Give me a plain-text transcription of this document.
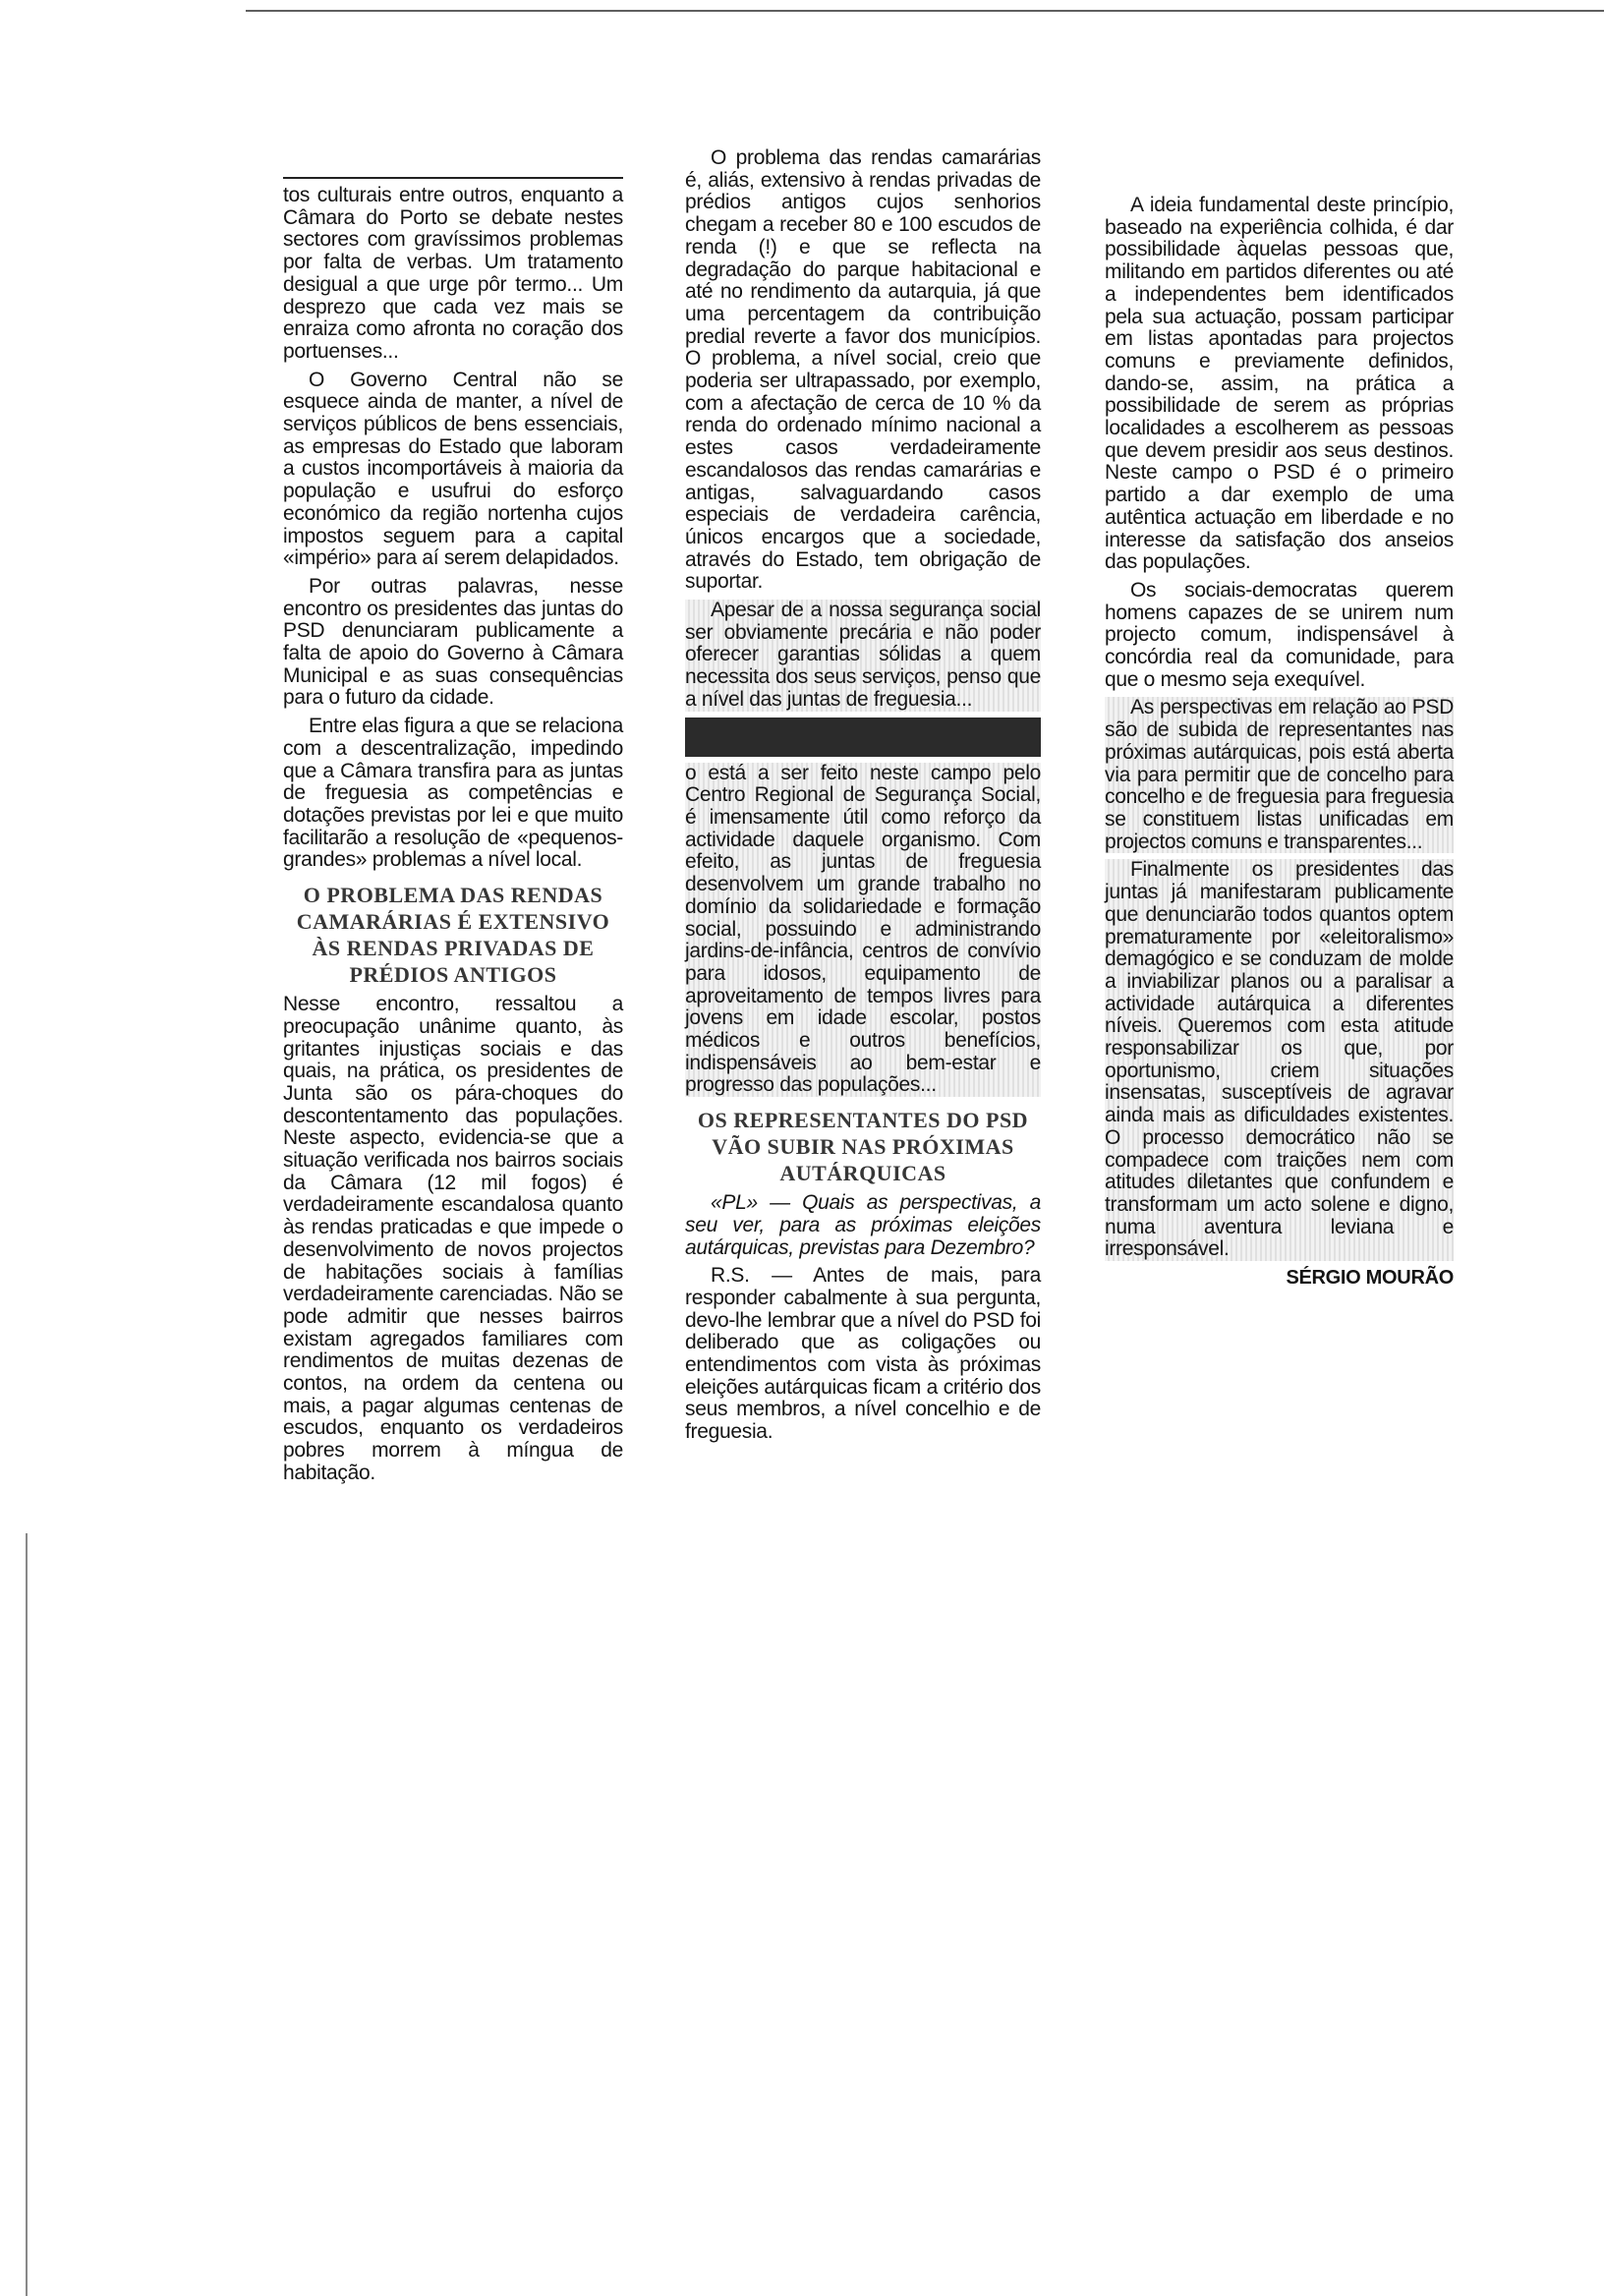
tos culturais entre outros, enquanto a Câmara do Porto se debate nestes sectores com gravíssimos problemas por falta de verbas. Um tratamento desigual a que urge pôr termo... Um desprezo que cada vez mais se enraiza como afronta no coração dos portuenses...

O Governo Central não se esquece ainda de manter, a nível de serviços públicos de bens essenciais, as empresas do Estado que laboram a custos incomportáveis à maioria da população e usufrui do esforço económico da região nortenha cujos impostos seguem para a capital «império» para aí serem delapidados.

Por outras palavras, nesse encontro os presidentes das juntas do PSD denunciaram publicamente a falta de apoio do Governo à Câmara Municipal e as suas consequências para o futuro da cidade.

Entre elas figura a que se relaciona com a descentralização, impedindo que a Câmara transfira para as juntas de freguesia as competências e dotações previstas por lei e que muito facilitarão a resolução de «pequenos-grandes» problemas a nível local.

O PROBLEMA DAS RENDAS CAMARÁRIAS É EXTENSIVO ÀS RENDAS PRIVADAS DE PRÉDIOS ANTIGOS

Nesse encontro, ressaltou a preocupação unânime quanto, às gritantes injustiças sociais e das quais, na prática, os presidentes de Junta são os pára-choques do descontentamento das populações. Neste aspecto, evidencia-se que a situação verificada nos bairros sociais da Câmara (12 mil fogos) é verdadeiramente escandalosa quanto às rendas praticadas e que impede o desenvolvimento de novos projectos de habitações sociais à famílias verdadeiramente carenciadas. Não se pode admitir que nesses bairros existam agregados familiares com rendimentos de muitas dezenas de contos, na ordem da centena ou mais, a pagar algumas centenas de escudos, enquanto os verdadeiros pobres morrem à míngua de habitação.

O problema das rendas camarárias é, aliás, extensivo à rendas privadas de prédios antigos cujos senhorios chegam a receber 80 e 100 escudos de renda (!) e que se reflecta na degradação do parque habitacional e até no rendimento da autarquia, já que uma percentagem da contribuição predial reverte a favor dos municípios. O problema, a nível social, creio que poderia ser ultrapassado, por exemplo, com a afectação de cerca de 10 % da renda do ordenado mínimo nacional a estes casos verdadeiramente escandalosos das rendas camarárias e antigas, salvaguardando casos especiais de verdadeira carência, únicos encargos que a sociedade, através do Estado, tem obrigação de suportar.

Apesar de a nossa segurança social ser obviamente precária e não poder oferecer garantias sólidas a quem necessita dos seus serviços, penso que a nível das juntas de freguesia...

o está a ser feito neste campo pelo Centro Regional de Segurança Social, é imensamente útil como reforço da actividade daquele organismo. Com efeito, as juntas de freguesia desenvolvem um grande trabalho no domínio da solidariedade e formação social, possuindo e administrando jardins-de-infância, centros de convívio para idosos, equipamento de aproveitamento de tempos livres para jovens em idade escolar, postos médicos e outros benefícios, indispensáveis ao bem-estar e progresso das populações...

OS REPRESENTANTES DO PSD VÃO SUBIR NAS PRÓXIMAS AUTÁRQUICAS

«PL» — Quais as perspectivas, a seu ver, para as próximas eleições autárquicas, previstas para Dezembro?

R.S. — Antes de mais, para responder cabalmente à sua pergunta, devo-lhe lembrar que a nível do PSD foi deliberado que as coligações ou entendimentos com vista às próximas eleições autárquicas ficam a critério dos seus membros, a nível concelhio e de freguesia.

A ideia fundamental deste princípio, baseado na experiência colhida, é dar possibilidade àquelas pessoas que, militando em partidos diferentes ou até a independentes bem identificados pela sua actuação, possam participar em listas apontadas para projectos comuns e previamente definidos, dando-se, assim, na prática a possibilidade de serem as próprias localidades a escolherem as pessoas que devem presidir aos seus destinos. Neste campo o PSD é o primeiro partido a dar exemplo de uma autêntica actuação em liberdade e no interesse da satisfação dos anseios das populações.

Os sociais-democratas querem homens capazes de se unirem num projecto comum, indispensável à concórdia real da comunidade, para que o mesmo seja exequível.

As perspectivas em relação ao PSD são de subida de representantes nas próximas autárquicas, pois está aberta via para permitir que de concelho para concelho e de freguesia para freguesia se constituem listas unificadas em projectos comuns e transparentes...

Finalmente os presidentes das juntas já manifestaram publicamente que denunciarão todos quantos optem prematuramente por «eleitoralismo» demagógico e se conduzam de molde a inviabilizar planos ou a paralisar a actividade autárquica a diferentes níveis. Queremos com esta atitude responsabilizar os que, por oportunismo, criem situações insensatas, susceptíveis de agravar ainda mais as dificuldades existentes. O processo democrático não se compadece com traições nem com atitudes diletantes que confundem e transformam um acto solene e digno, numa aventura leviana e irresponsável.

SÉRGIO MOURÃO
